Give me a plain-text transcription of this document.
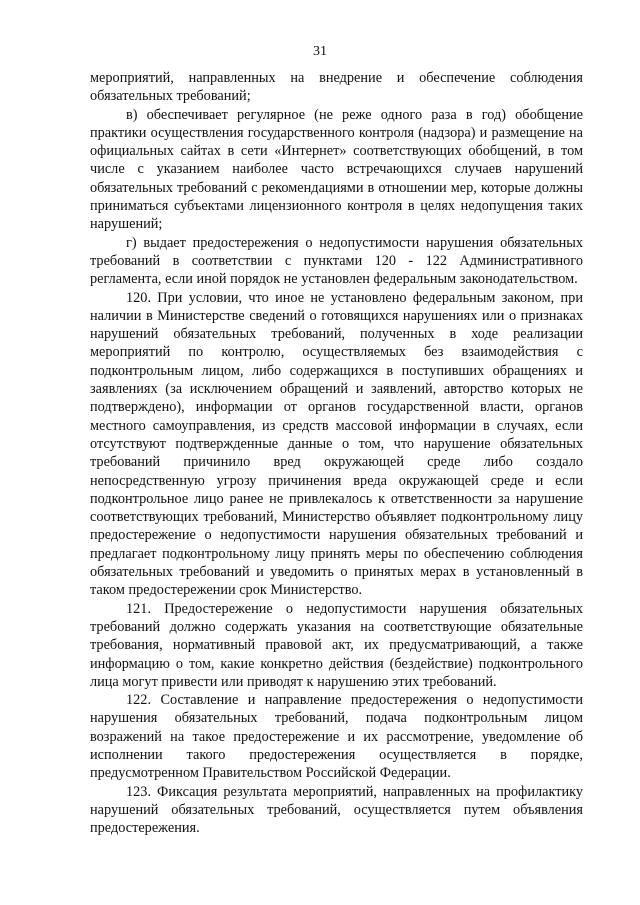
31

мероприятий, направленных на внедрение и обеспечение соблюдения обязательных требований;

в) обеспечивает регулярное (не реже одного раза в год) обобщение практики осуществления государственного контроля (надзора) и размещение на официальных сайтах в сети «Интернет» соответствующих обобщений, в том числе с указанием наиболее часто встречающихся случаев нарушений обязательных требований с рекомендациями в отношении мер, которые должны приниматься субъектами лицензионного контроля в целях недопущения таких нарушений;

г) выдает предостережения о недопустимости нарушения обязательных требований в соответствии с пунктами 120 - 122 Административного регламента, если иной порядок не установлен федеральным законодательством.

120. При условии, что иное не установлено федеральным законом, при наличии в Министерстве сведений о готовящихся нарушениях или о признаках нарушений обязательных требований, полученных в ходе реализации мероприятий по контролю, осуществляемых без взаимодействия с подконтрольным лицом, либо содержащихся в поступивших обращениях и заявлениях (за исключением обращений и заявлений, авторство которых не подтверждено), информации от органов государственной власти, органов местного самоуправления, из средств массовой информации в случаях, если отсутствуют подтвержденные данные о том, что нарушение обязательных требований причинило вред окружающей среде либо создало непосредственную угрозу причинения вреда окружающей среде и если подконтрольное лицо ранее не привлекалось к ответственности за нарушение соответствующих требований, Министерство объявляет подконтрольному лицу предостережение о недопустимости нарушения обязательных требований и предлагает подконтрольному лицу принять меры по обеспечению соблюдения обязательных требований и уведомить о принятых мерах в установленный в таком предостережении срок Министерство.

121. Предостережение о недопустимости нарушения обязательных требований должно содержать указания на соответствующие обязательные требования, нормативный правовой акт, их предусматривающий, а также информацию о том, какие конкретно действия (бездействие) подконтрольного лица могут привести или приводят к нарушению этих требований.

122. Составление и направление предостережения о недопустимости нарушения обязательных требований, подача подконтрольным лицом возражений на такое предостережение и их рассмотрение, уведомление об исполнении такого предостережения осуществляется в порядке, предусмотренном Правительством Российской Федерации.

123. Фиксация результата мероприятий, направленных на профилактику нарушений обязательных требований, осуществляется путем объявления предостережения.
